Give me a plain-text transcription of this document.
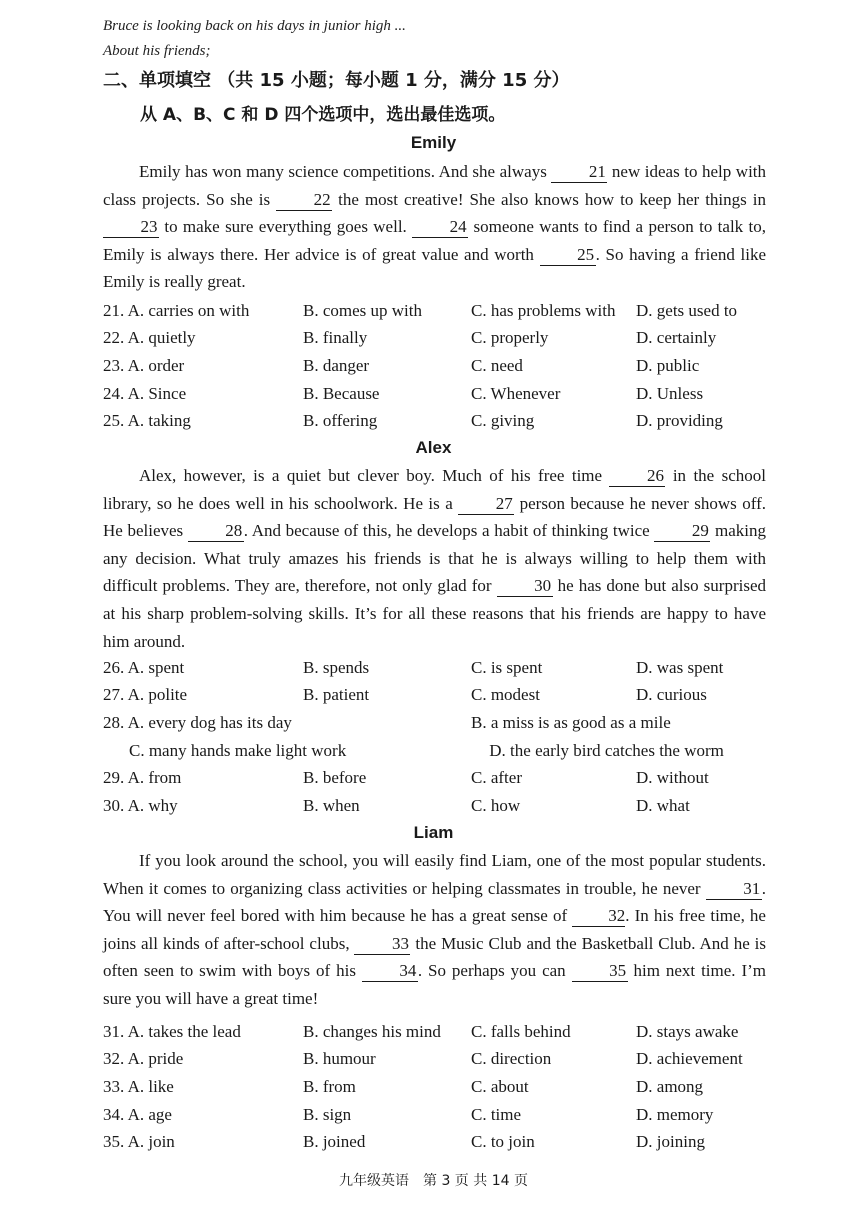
Bruce is looking back on his days in junior high ...
About his friends;
二、单项填空 （共 15 小题；每小题 1 分，满分 15 分）
从 A、B、C 和 D 四个选项中，选出最佳选项。
Emily

Emily has won many science competitions. And she always 21 new ideas to help with class projects. So she is 22 the most creative! She also knows how to keep her things in 23 to make sure everything goes well. 24 someone wants to find a person to talk to, Emily is always there. Her advice is of great value and worth 25. So having a friend like Emily is really great.

21. A. carries on with	B. comes up with	C. has problems with	D. gets used to
22. A. quietly	B. finally	C. properly	D. certainly
23. A. order	B. danger	C. need	D. public
24. A. Since	B. Because	C. Whenever	D. Unless
25. A. taking	B. offering	C. giving	D. providing
Alex

Alex, however, is a quiet but clever boy. Much of his free time 26 in the school library, so he does well in his schoolwork. He is a 27 person because he never shows off. He believes 28. And because of this, he develops a habit of thinking twice 29 making any decision. What truly amazes his friends is that he is always willing to help them with difficult problems. They are, therefore, not only glad for 30 he has done but also surprised at his sharp problem-solving skills. It’s for all these reasons that his friends are happy to have him around.

26. A. spent	B. spends	C. is spent	D. was spent
27. A. polite	B. patient	C. modest	D. curious
28. A. every dog has its day	B. a miss is as good as a mile
C. many hands make light work	D. the early bird catches the worm
29. A. from	B. before	C. after	D. without
30. A. why	B. when	C. how	D. what
Liam

If you look around the school, you will easily find Liam, one of the most popular students. When it comes to organizing class activities or helping classmates in trouble, he never 31. You will never feel bored with him because he has a great sense of 32. In his free time, he joins all kinds of after-school clubs, 33 the Music Club and the Basketball Club. And he is often seen to swim with boys of his 34. So perhaps you can 35 him next time. I’m sure you will have a great time!

31. A. takes the lead	B. changes his mind	C. falls behind	D. stays awake
32. A. pride	B. humour	C. direction	D. achievement
33. A. like	B. from	C. about	D. among
34. A. age	B. sign	C. time	D. memory
35. A. join	B. joined	C. to join	D. joining
九年级英语　第 3 页 共 14 页
